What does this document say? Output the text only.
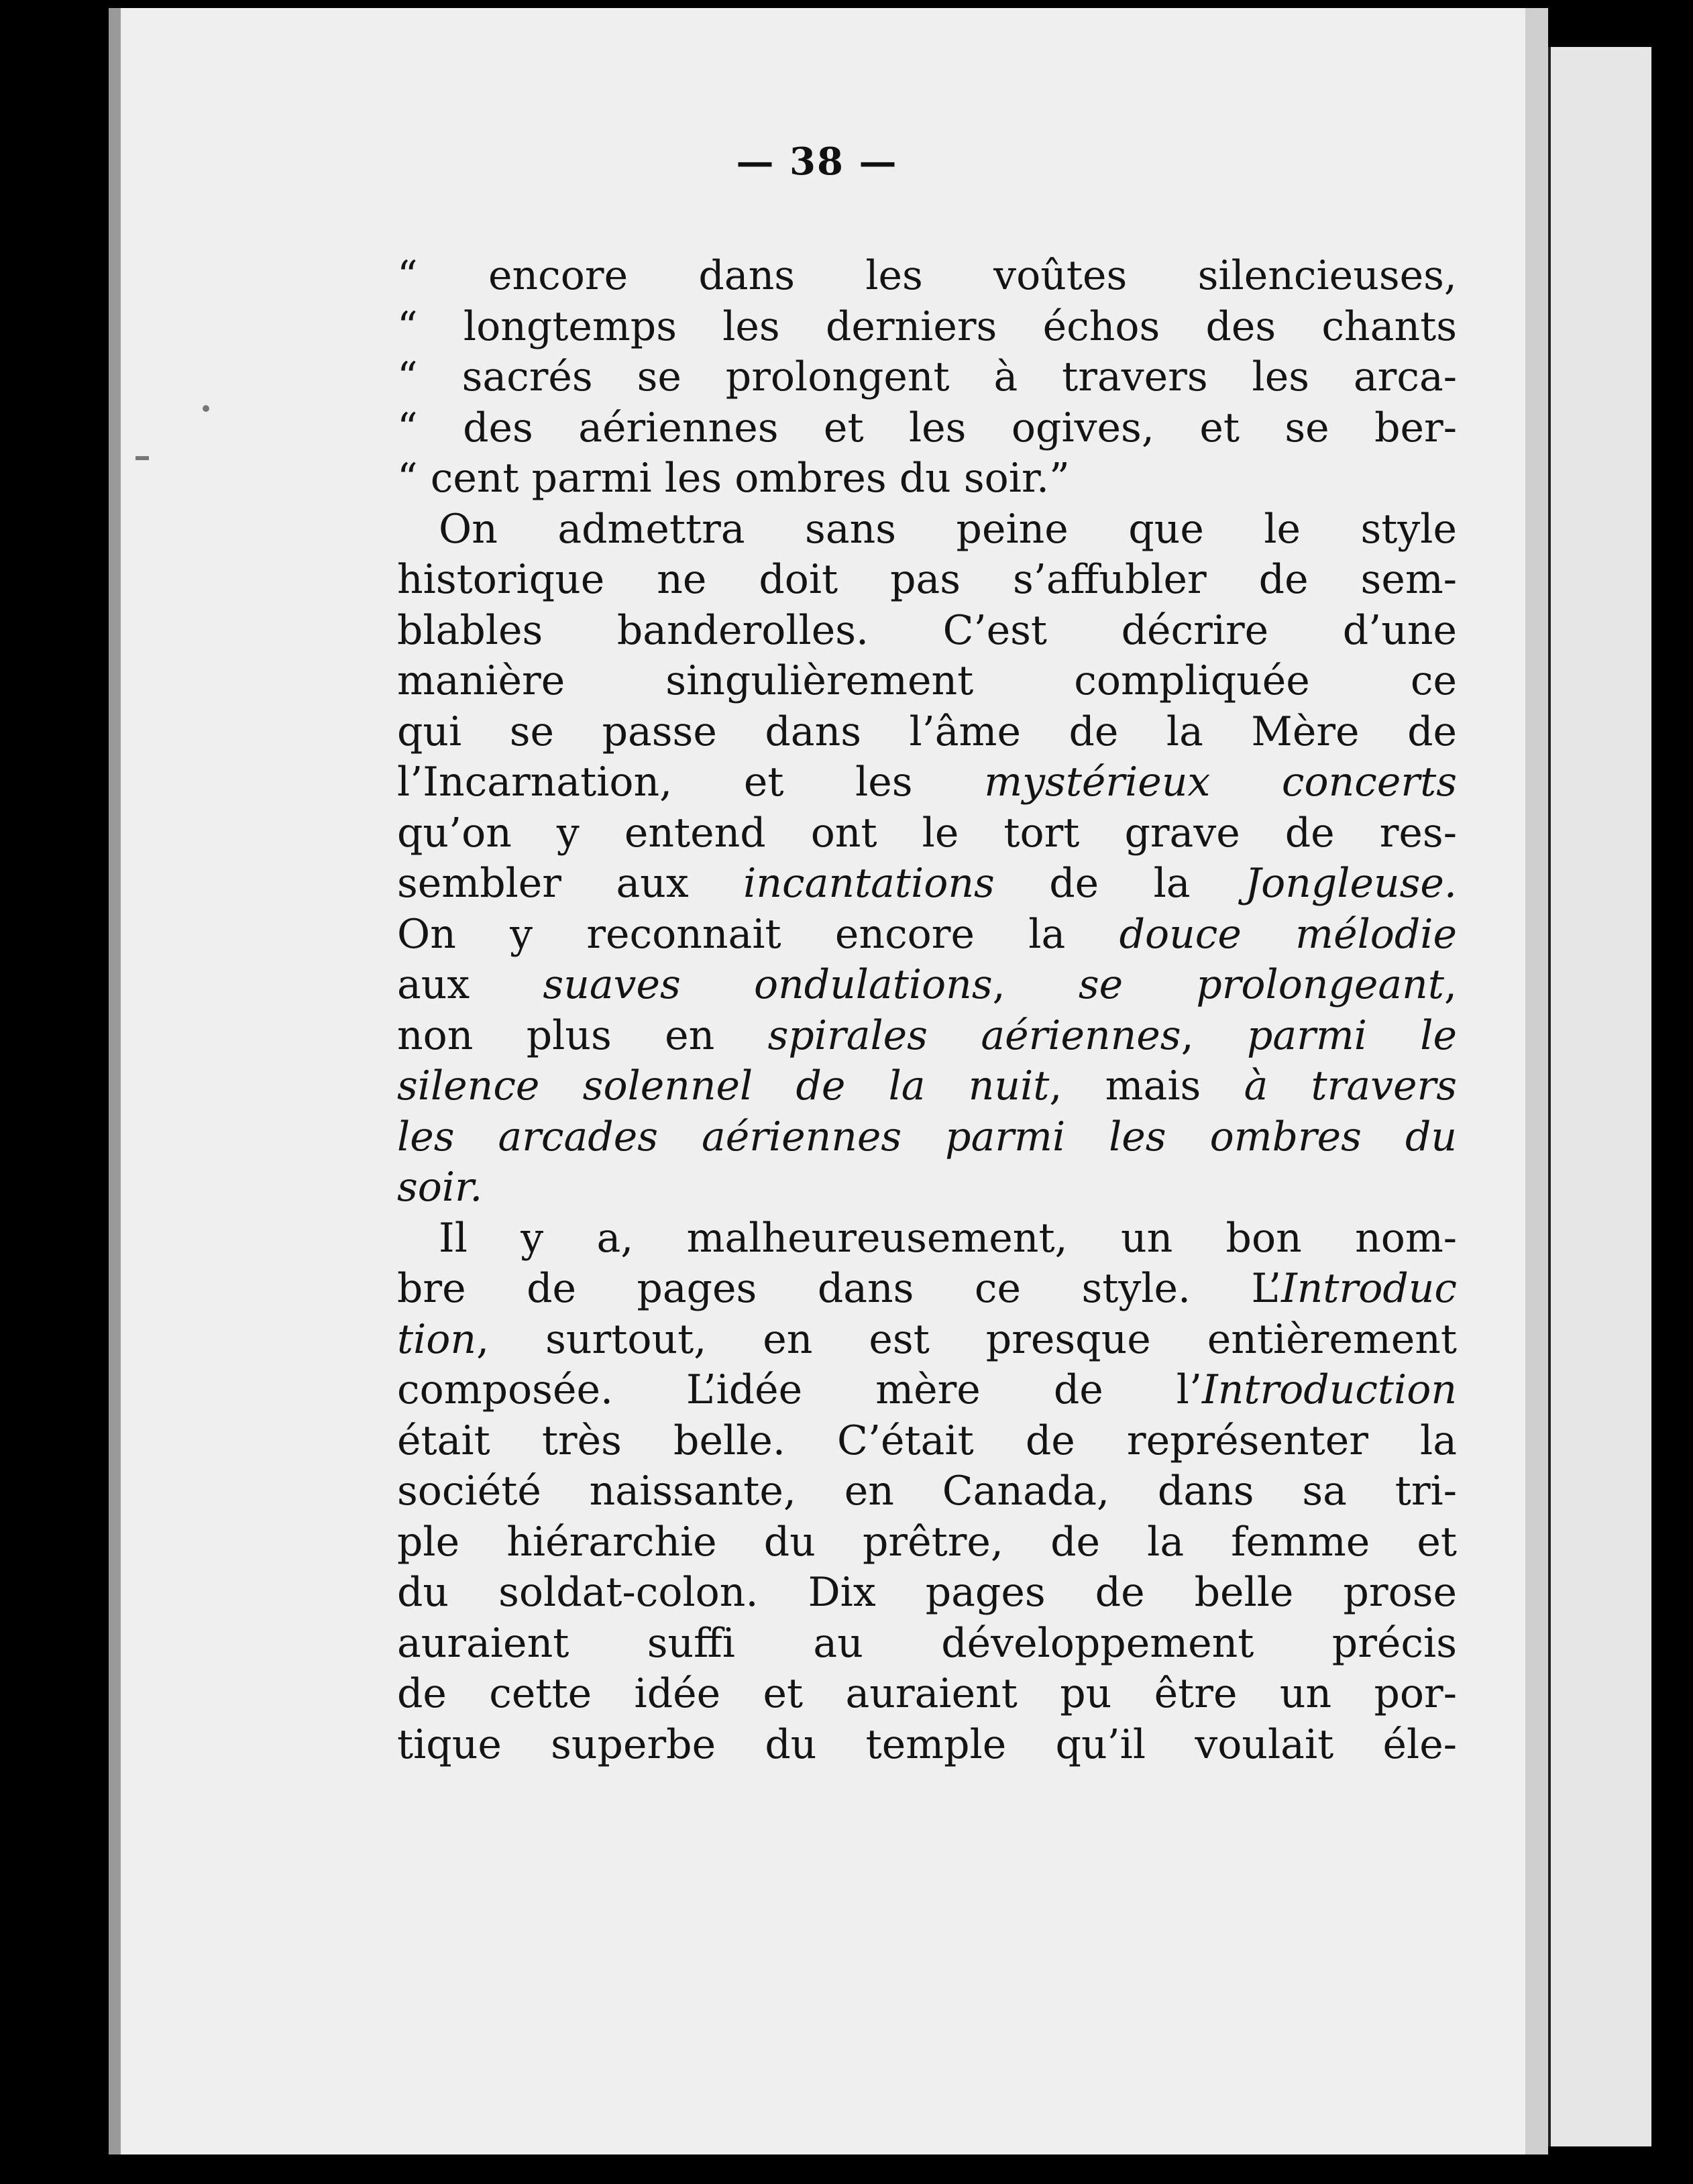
— 38 —
“ encore dans les voûtes silencieuses,
“ longtemps les derniers échos des chants
“ sacrés se prolongent à travers les arca-
“ des aériennes et les ogives, et se ber-
“ cent parmi les ombres du soir.”
On admettra sans peine que le style
historique ne doit pas s’affubler de sem-
blables banderolles. C’est décrire d’une
manière singulièrement compliquée ce
qui se passe dans l’âme de la Mère de
l’Incarnation, et les mystérieux concerts
qu’on y entend ont le tort grave de res-
sembler aux incantations de la Jongleuse.
On y reconnait encore la douce mélodie
aux suaves ondulations, se prolongeant,
non plus en spirales aériennes, parmi le
silence solennel de la nuit, mais à travers
les arcades aériennes parmi les ombres du
soir.
Il y a, malheureusement, un bon nom-
bre de pages dans ce style. L’Introduc
tion, surtout, en est presque entièrement
composée. L’idée mère de l’Introduction
était très belle. C’était de représenter la
société naissante, en Canada, dans sa tri-
ple hiérarchie du prêtre, de la femme et
du soldat-colon. Dix pages de belle prose
auraient suffi au développement précis
de cette idée et auraient pu être un por-
tique superbe du temple qu’il voulait éle-
